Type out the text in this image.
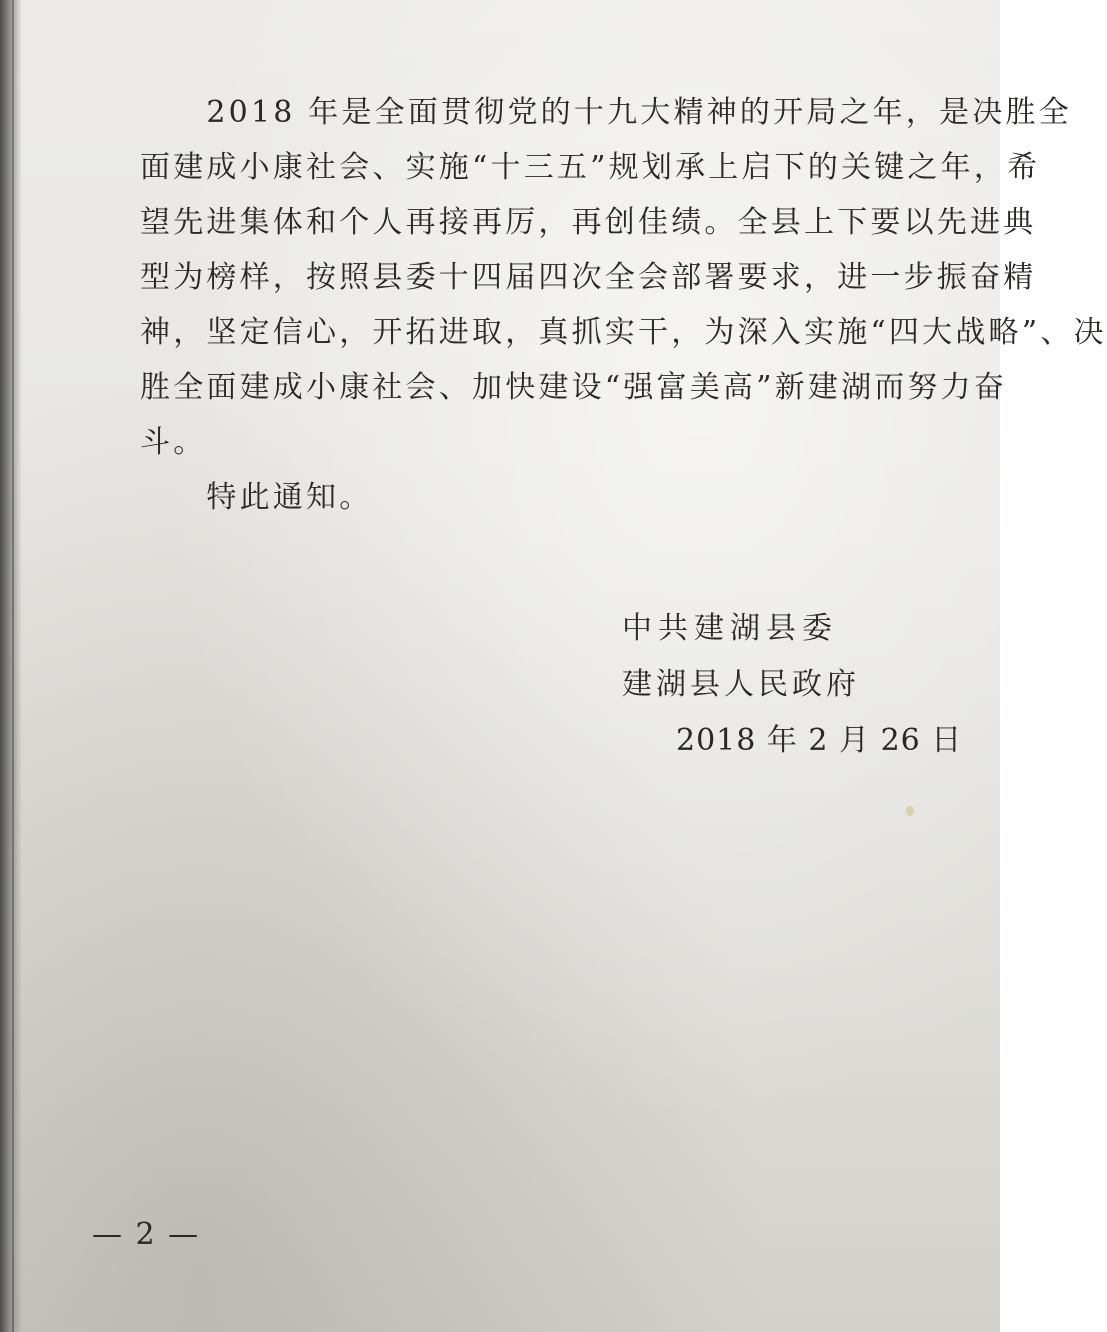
　　2018 年是全面贯彻党的十九大精神的开局之年，是决胜全
面建成小康社会、实施“十三五”规划承上启下的关键之年，希
望先进集体和个人再接再厉，再创佳绩。全县上下要以先进典
型为榜样，按照县委十四届四次全会部署要求，进一步振奋精
神，坚定信心，开拓进取，真抓实干，为深入实施“四大战略”、决
胜全面建成小康社会、加快建设“强富美高”新建湖而努力奋
斗。
　　特此通知。
中共建湖县委
建湖县人民政府
2018 年 2 月 26 日
— 2 —
